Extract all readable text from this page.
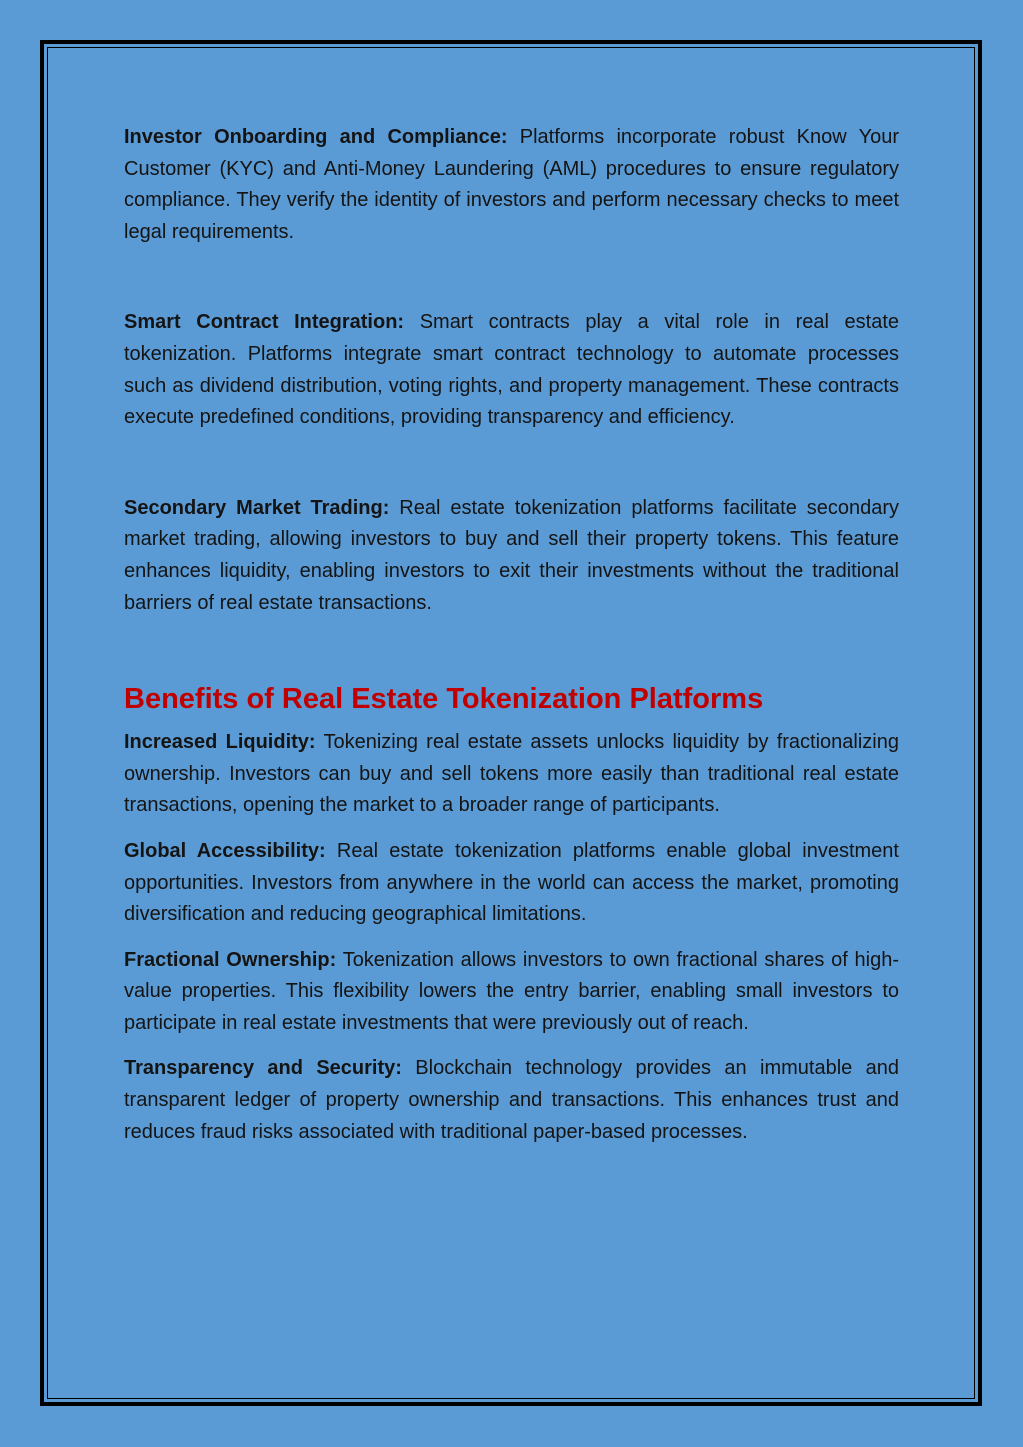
Investor Onboarding and Compliance: Platforms incorporate robust Know Your Customer (KYC) and Anti-Money Laundering (AML) procedures to ensure regulatory compliance. They verify the identity of investors and perform necessary checks to meet legal requirements.

Smart Contract Integration: Smart contracts play a vital role in real estate tokenization. Platforms integrate smart contract technology to automate processes such as dividend distribution, voting rights, and property management. These contracts execute predefined conditions, providing transparency and efficiency.

Secondary Market Trading: Real estate tokenization platforms facilitate secondary market trading, allowing investors to buy and sell their property tokens. This feature enhances liquidity, enabling investors to exit their investments without the traditional barriers of real estate transactions.

Benefits of Real Estate Tokenization Platforms

Increased Liquidity: Tokenizing real estate assets unlocks liquidity by fractionalizing ownership. Investors can buy and sell tokens more easily than traditional real estate transactions, opening the market to a broader range of participants.

Global Accessibility: Real estate tokenization platforms enable global investment opportunities. Investors from anywhere in the world can access the market, promoting diversification and reducing geographical limitations.

Fractional Ownership: Tokenization allows investors to own fractional shares of high-value properties. This flexibility lowers the entry barrier, enabling small investors to participate in real estate investments that were previously out of reach.

Transparency and Security: Blockchain technology provides an immutable and transparent ledger of property ownership and transactions. This enhances trust and reduces fraud risks associated with traditional paper-based processes.
